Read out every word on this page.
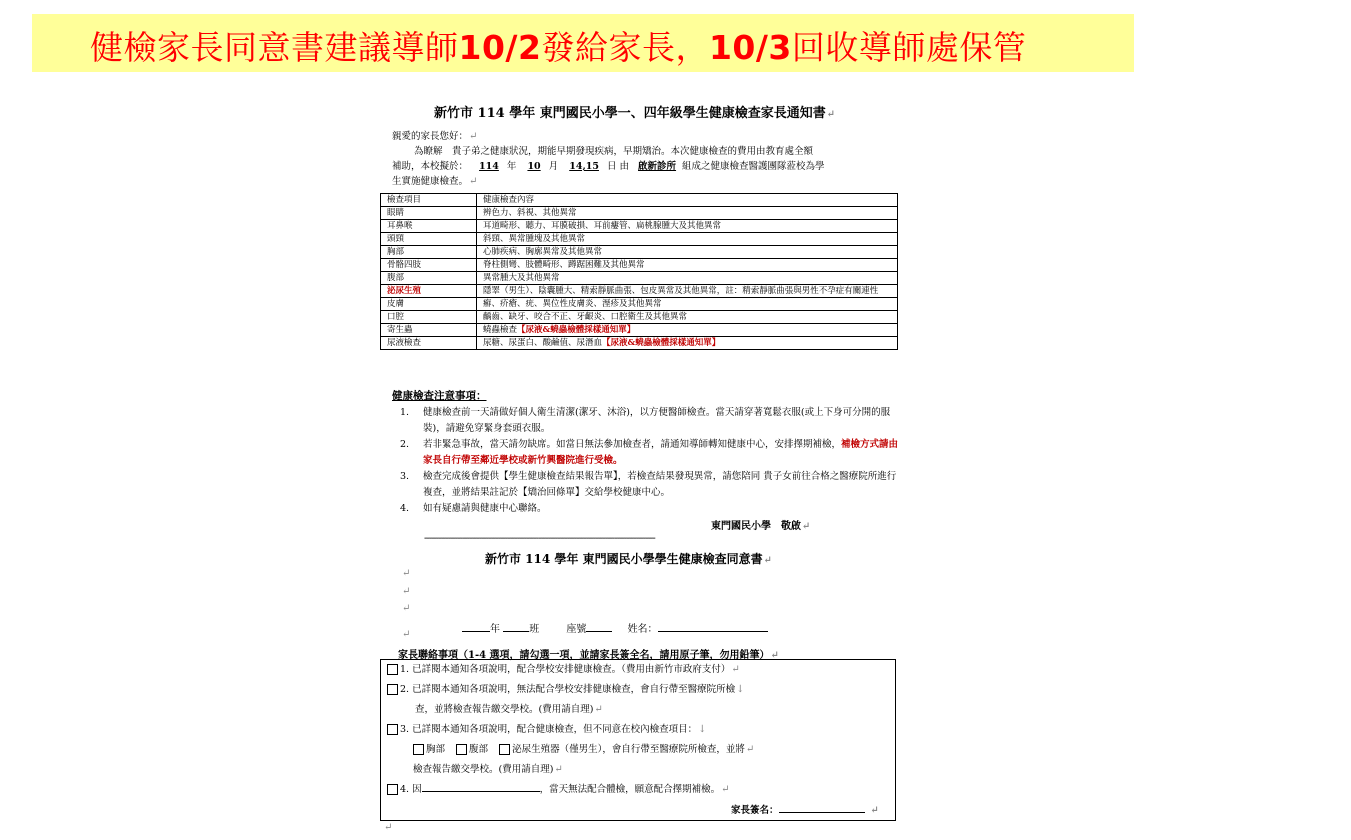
健檢家長同意書建議導師10/2發給家長，10/3回收導師處保管
新竹市 114 學年 東門國民小學一、四年級學生健康檢查家長通知書↵
親愛的家長您好：↵
為瞭解　貴子弟之健康狀況，期能早期發現疾病，早期矯治。本次健康檢查的費用由教育處全額
補助，本校擬於： 114 年 10 月 14,15 日 由 啟新診所 組成之健康檢查醫護團隊蒞校為學
生實施健康檢查。↵
檢查項目	健康檢查內容
眼睛	辨色力、斜視、其他異常
耳鼻喉	耳道畸形、聽力、耳膜破損、耳前瘻管、扁桃腺腫大及其他異常
頭頸	斜頸、異常腫塊及其他異常
胸部	心肺疾病、胸廓異常及其他異常
骨骼四肢	脊柱側彎、肢體畸形、蹲踞困難及其他異常
腹部	異常腫大及其他異常
泌尿生殖	隱睪（男生）、陰囊腫大、精索靜脈曲張、包皮異常及其他異常，註：精索靜脈曲張與男性不孕症有關連性
皮膚	癬、疥瘡、疣、異位性皮膚炎、溼疹及其他異常
口腔	齲齒、缺牙、咬合不正、牙齦炎、口腔衛生及其他異常
寄生蟲	蟯蟲檢查【尿液&蟯蟲檢體採樣通知單】
尿液檢查	尿糖、尿蛋白、酸鹼值、尿潛血【尿液&蟯蟲檢體採樣通知單】
健康檢查注意事項：
1.	健康檢查前一天請做好個人衛生清潔(潔牙、沐浴)，以方便醫師檢查。當天請穿著寬鬆衣服(或上下身可分開的服裝)，請避免穿緊身套頭衣服。
2.	若非緊急事故，當天請勿缺席。如當日無法參加檢查者，請通知導師轉知健康中心，安排擇期補檢，補檢方式請由家長自行帶至鄰近學校或新竹興醫院進行受檢。
3.	檢查完成後會提供【學生健康檢查結果報告單】，若檢查結果發現異常，請您陪同 貴子女前往合格之醫療院所進行複查，並將結果註記於【矯治回條單】交給學校健康中心。
4.	如有疑慮請與健康中心聯絡。
東門國民小學　敬啟↵
-------------------------------------------------------------------------------------------------
新竹市 114 學年 東門國民小學學生健康檢查同意書↵
↵
↵
↵
年	班	座號	姓名：
↵
家長聯絡事項（1-4 選項，請勾選一項，並請家長簽全名，請用原子筆，勿用鉛筆）↵
1. 已詳閱本通知各項說明，配合學校安排健康檢查。（費用由新竹市政府支付）↵
2. 已詳閱本通知各項說明，無法配合學校安排健康檢查，會自行帶至醫療院所檢↓
查，並將檢查報告繳交學校。(費用請自理)↵
3. 已詳閱本通知各項說明，配合健康檢查，但不同意在校內檢查項目：↓
胸部	腹部	泌尿生殖器（僅男生），會自行帶至醫療院所檢查，並將↵
檢查報告繳交學校。(費用請自理)↵
4. 因	，當天無法配合體檢，願意配合擇期補檢。↵
家長簽名：	↵
↵
